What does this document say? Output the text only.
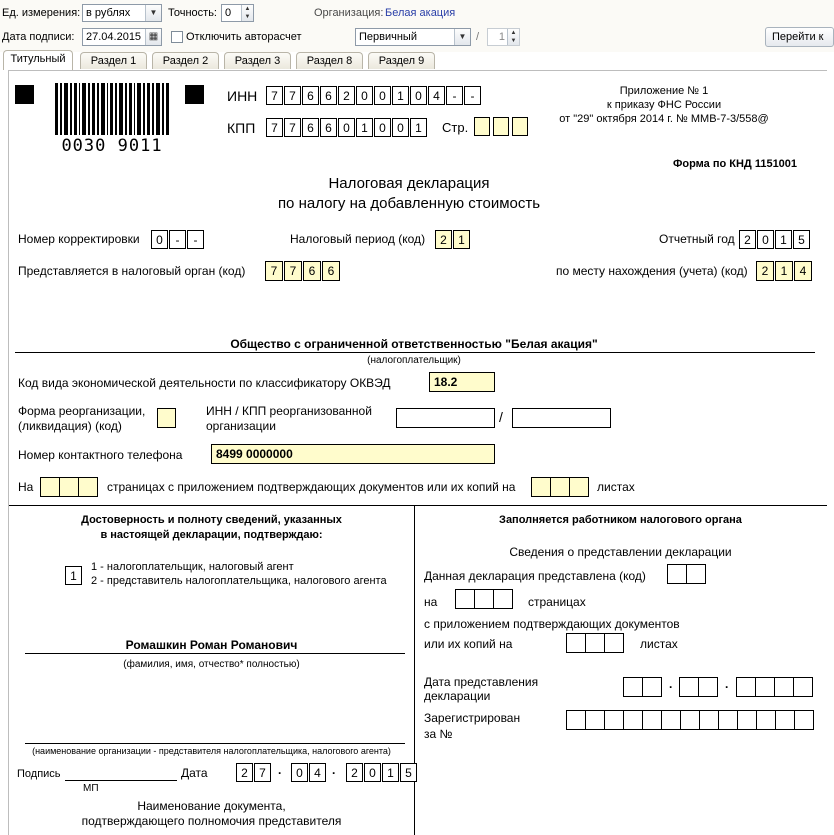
Ед. измерения: в рублях	▼ Точность: 0	▲
▼	Организация: Белая акация
Дата подписи:	27.04.2015 ▦	Отключить авторасчет	Первичный	▼ /	1 ▲
▼	Перейти к
Титульный	Раздел 1	Раздел 2	Раздел 3	Раздел 8	Раздел 9
0030 9011
ИНН	7 7 6 6 2 0 0 1 0 4	-	-
КПП	7 7 6 6 0 1 0 0 1	Стр.
Приложение № 1
к приказу ФНС России
от "29" октября 2014 г. № ММВ-7-3/558@
Форма по КНД 1151001
Налоговая декларация
по налогу на добавленную стоимость
Номер корректировки	0	-	-	Налоговый период (код)	2 1	Отчетный год 2 0 1 5
Представляется в налоговый орган (код)	7	7	6	6	по месту нахождения (учета) (код)	2	1	4
Общество с ограниченной ответственностью "Белая акация"
(налогоплательщик)
Код вида экономической деятельности по классификатору ОКВЭД	18.2
Форма реорганизации,
(ликвидация) (код)
ИНН / КПП реорганизованной
организации
/
Номер контактного телефона	8499 0000000
На	страницах с приложением подтверждающих документов или их копий на	листах
Достоверность и полноту сведений, указанных
в настоящей декларации, подтверждаю:
1
1 - налогоплательщик, налоговый агент
2 - представитель налогоплательщика, налогового агента
Ромашкин Роман Романович
(фамилия, имя, отчество* полностью)
(наименование организации - представителя налогоплательщика, налогового агента)
Подпись
МП
Дата	2 7	.	0 4 .	2 0 1 5
Наименование документа,
подтверждающего полномочия представителя
Заполняется работником налогового органа
Сведения о представлении декларации
Данная декларация представлена (код)
на	страницах
с приложением подтверждающих документов
или их копий на	листах
Дата представления
декларации
.	.
Зарегистрирован
за №
